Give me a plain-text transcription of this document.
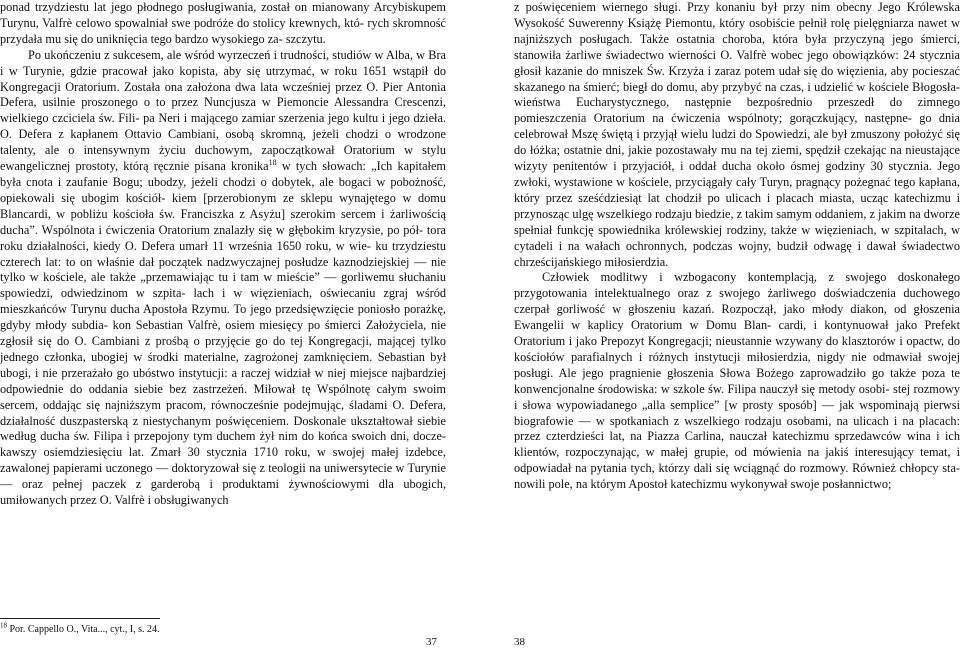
ponad trzydziestu lat jego płodnego posługiwania, został on mianowany Arcybiskupem Turynu, Valfrè celowo spowalniał swe podróże do stolicy krewnych, któ- rych skromność przydała mu się do uniknięcia tego bardzo wysokiego za- szczytu.

Po ukończeniu z sukcesem, ale wśród wyrzeczeń i trudności, studiów w Alba, w Bra i w Turynie, gdzie pracował jako kopista, aby się utrzymać, w roku 1651 wstąpił do Kongregacji Oratorium. Została ona założona dwa lata wcześniej przez O. Pier Antonia Defera, usilnie proszonego o to przez Nuncjusza w Piemoncie Alessandra Crescenzi, wielkiego czciciela św. Fili- pa Neri i mającego zamiar szerzenia jego kultu i jego dzieła. O. Defera z kapłanem Ottavio Cambiani, osobą skromną, jeżeli chodzi o wrodzone talenty, ale o intensywnym życiu duchowym, zapoczątkował Oratorium w stylu ewangelicznej prostoty, którą ręcznie pisana kronika$^{18}$ w tych słowach: „Ich kapitałem była cnota i zaufanie Bogu; ubodzy, jeżeli chodzi o dobytek, ale bogaci w pobożność, opiekowali się ubogim kościół- kiem [przerobionym ze sklepu wynajętego w domu Blancardi, w pobliżu kościoła św. Franciszka z Asyżu] szerokim sercem i żarliwością ducha”. Wspólnota i ćwiczenia Oratorium znalazły się w głębokim kryzysie, po pół- tora roku działalności, kiedy O. Defera umarł 11 września 1650 roku, w wie- ku trzydziestu czterech lat: to on właśnie dał początek nadzwyczajnej posłudze kaznodziejskiej — nie tylko w kościele, ale także „przemawiając tu i tam w mieście” — gorliwemu słuchaniu spowiedzi, odwiedzinom w szpita- lach i w więzieniach, oświecaniu zgraj wśród mieszkańców Turynu ducha Apostoła Rzymu. To jego przedsięwzięcie poniosło porażkę, gdyby młody subdia- kon Sebastian Valfrè, osiem miesięcy po śmierci Założyciela, nie zgłosił się do O. Cambiani z prośbą o przyjęcie go do tej Kongregacji, mającej tylko jednego członka, ubogiej w środki materialne, zagrożonej zamknięciem. Sebastian był ubogi, i nie przerażało go ubóstwo instytucji: a raczej widział w niej miejsce najbardziej odpowiednie do oddania siebie bez zastrzeżeń. Miłował tę Wspólnotę całym swoim sercem, oddając się najniższym pracom, równocześnie podejmując, śladami O. Defera, działalność duszpasterską z niestychanym poświęceniem. Doskonale ukształtował siebie według ducha św. Filipa i przepojony tym duchem żył nim do końca swoich dni, docze- kawszy osiemdziesięciu lat. Zmarł 30 stycznia 1710 roku, w swojej małej izdebce, zawalonej papierami uczonego — doktoryzował się z teologii na uniwersytecie w Turynie — oraz pełnej paczek z garderobą i produktami żywnościowymi dla ubogich, umiłowanych przez O. Valfrè i obsługiwanych

$^{18}$ Por. Cappello O., Vita..., cyt., I, s. 24.
37

z poświęceniem wiernego sługi. Przy konaniu był przy nim obecny Jego Królewska Wysokość Suwerenny Książę Piemontu, który osobiście pełnił rolę pielęgniarza nawet w najniższych posługach. Także ostatnia choroba, która była przyczyną jego śmierci, stanowiła żarliwe świadectwo wierności O. Valfrè wobec jego obowiązków: 24 stycznia głosił kazanie do mniszek Św. Krzyża i zaraz potem udał się do więzienia, aby pocieszać skazanego na śmierć; biegł do domu, aby przybyć na czas, i udzielić w kościele Błogosła- wieństwa Eucharystycznego, następnie bezpośrednio przeszedł do zimnego pomieszczenia Oratorium na ćwiczenia wspólnoty; gorączkujący, następne- go dnia celebrował Mszę świętą i przyjął wielu ludzi do Spowiedzi, ale był zmuszony położyć się do łóżka; ostatnie dni, jakie pozostawały mu na tej ziemi, spędził czekając na nieustające wizyty penitentów i przyjaciół, i oddał ducha około ósmej godziny 30 stycznia. Jego zwłoki, wystawione w kościele, przyciągały cały Turyn, pragnący pożegnać tego kapłana, który przez sześćdziesiąt lat chodził po ulicach i placach miasta, ucząc katechizmu i przynosząc ulgę wszelkiego rodzaju biedzie, z takim samym oddaniem, z jakim na dworze spełniał funkcję spowiednika królewskiej rodziny, także w więzieniach, w szpitalach, w cytadeli i na wałach ochronnych, podczas wojny, budził odwagę i dawał świadectwo chrześcijańskiego miłosierdzia.

Człowiek modlitwy i wzbogacony kontemplacją, z swojego doskonałego przygotowania intelektualnego oraz z swojego żarliwego doświadczenia duchowego czerpał gorliwość w głoszeniu kazań. Rozpoczął, jako młody diakon, od głoszenia Ewangelii w kaplicy Oratorium w Domu Blan- cardi, i kontynuował jako Prefekt Oratorium i jako Prepozyt Kongregacji; nieustannie wzywany do klasztorów i opactw, do kościołów parafialnych i różnych instytucji miłosierdzia, nigdy nie odmawiał swojej posługi. Ale jego pragnienie głoszenia Słowa Bożego zaprowadziło go także poza te konwencjonalne środowiska: w szkole św. Filipa nauczył się metody osobi- stej rozmowy i słowa wypowiadanego „alla semplice” [w prosty sposób] — jak wspominają pierwsi biografowie — w spotkaniach z wszelkiego rodzaju osobami, na ulicach i na placach: przez czterdzieści lat, na Piazza Carlina, nauczał katechizmu sprzedawców wina i ich klientów, rozpoczynając, w małej grupie, od mówienia na jakiś interesujący temat, i odpowiadał na pytania tych, którzy dali się wciągnąć do rozmowy. Również chłopcy sta- nowili pole, na którym Apostoł katechizmu wykonywał swoje posłannictwo;

38
